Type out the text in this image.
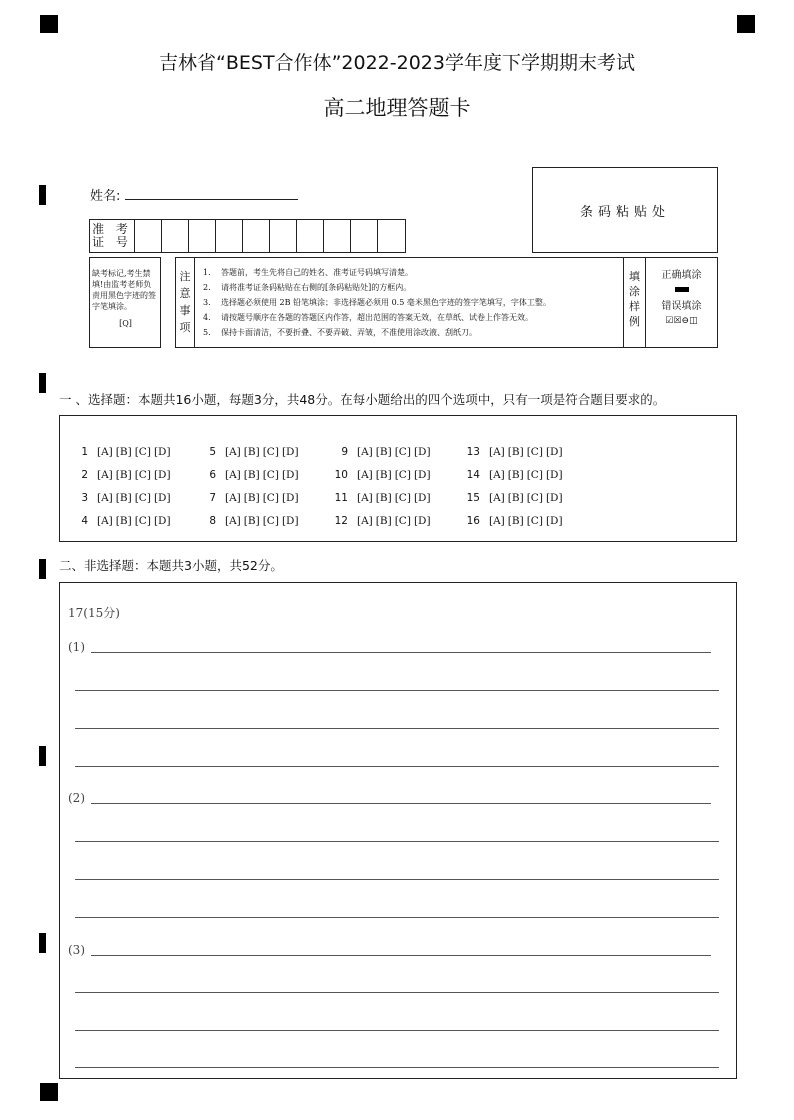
吉林省“BEST合作体”2022-2023学年度下学期期末考试
高二地理答题卡
姓名:
准 考
证 号
条码粘贴处
缺考标记,考生禁填!由监考老师负责用黑色字迹的签字笔填涂。
[Q]
注
意
事
项
1. 答题前，考生先将自己的姓名、准考证号码填写清楚。
2. 请将准考证条码粘贴在右侧的[条码粘贴处]的方框内。
3. 选择题必须使用 2B 铅笔填涂；非选择题必须用 0.5 毫米黑色字迹的签字笔填写，字体工整。
4. 请按题号顺序在各题的答题区内作答，超出范围的答案无效，在草纸、试卷上作答无效。
5. 保持卡面清洁，不要折叠、不要弄破、弄皱，不准使用涂改液、刮纸刀。
填
涂
样
例
正确填涂
错误填涂
☑☒⊖◫
一 、选择题：本题共16小题，每题3分，共48分。在每小题给出的四个选项中，只有一项是符合题目要求的。
1 [A] [B] [C] [D]
2 [A] [B] [C] [D]
3 [A] [B] [C] [D]
4 [A] [B] [C] [D]
5 [A] [B] [C] [D]
6 [A] [B] [C] [D]
7 [A] [B] [C] [D]
8 [A] [B] [C] [D]
9 [A] [B] [C] [D]
10 [A] [B] [C] [D]
11 [A] [B] [C] [D]
12 [A] [B] [C] [D]
13 [A] [B] [C] [D]
14 [A] [B] [C] [D]
15 [A] [B] [C] [D]
16 [A] [B] [C] [D]
二、非选择题：本题共3小题，共52分。
17(15分)
(1)
(2)
(3)
